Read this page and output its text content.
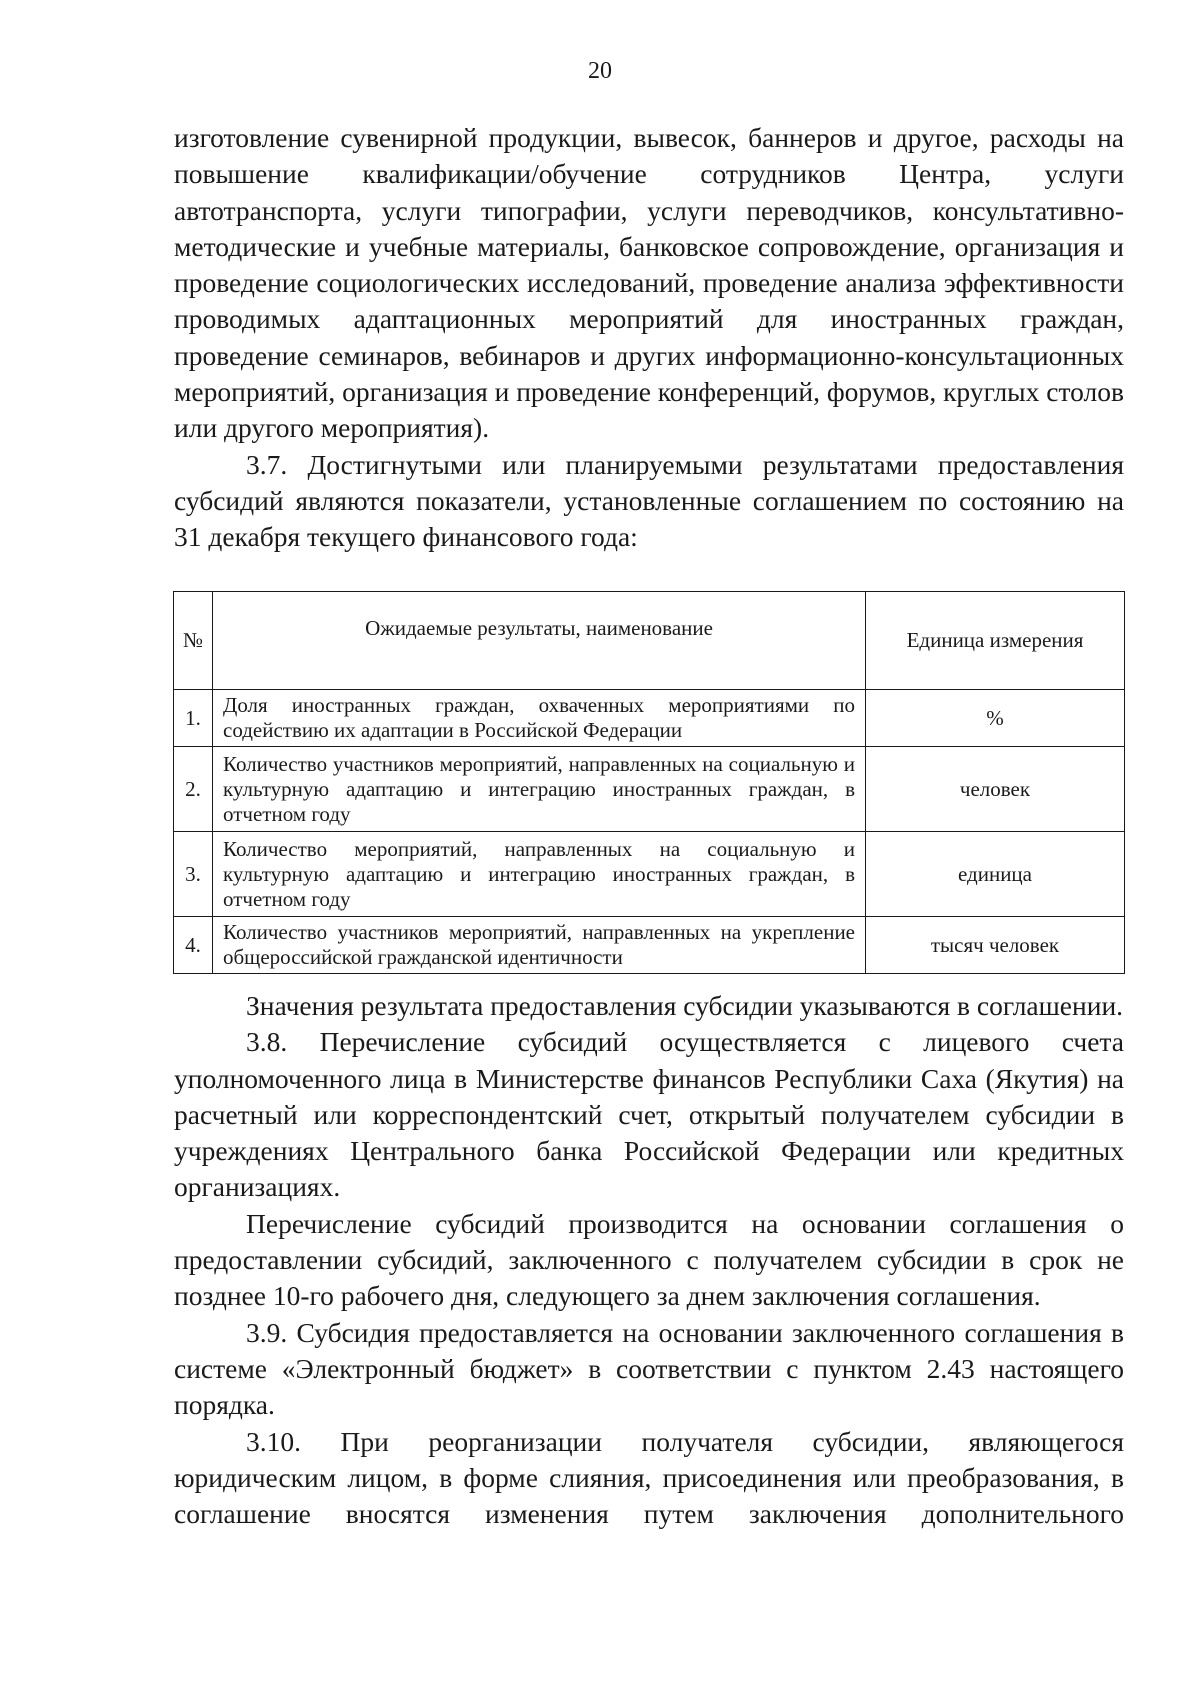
20

изготовление сувенирной продукции, вывесок, баннеров и другое, расходы на повышение квалификации/обучение сотрудников Центра, услуги автотранспорта, услуги типографии, услуги переводчиков, консультативно-методические и учебные материалы, банковское сопровождение, организация и проведение социологических исследований, проведение анализа эффективности проводимых адаптационных мероприятий для иностранных граждан, проведение семинаров, вебинаров и других информационно-консультационных мероприятий, организация и проведение конференций, форумов, круглых столов или другого мероприятия).

3.7. Достигнутыми или планируемыми результатами предоставления субсидий являются показатели, установленные соглашением по состоянию на 31 декабря текущего финансового года:

№	Ожидаемые результаты, наименование	Единица измерения
1.	Доля иностранных граждан, охваченных мероприятиями по содействию их адаптации в Российской Федерации	%
2.	Количество участников мероприятий, направленных на социальную и культурную адаптацию и интеграцию иностранных граждан, в отчетном году	человек
3.	Количество мероприятий, направленных на социальную и культурную адаптацию и интеграцию иностранных граждан, в отчетном году	единица
4.	Количество участников мероприятий, направленных на укрепление общероссийской гражданской идентичности	тысяч человек

Значения результата предоставления субсидии указываются в соглашении.

3.8. Перечисление субсидий осуществляется с лицевого счета уполномоченного лица в Министерстве финансов Республики Саха (Якутия) на расчетный или корреспондентский счет, открытый получателем субсидии в учреждениях Центрального банка Российской Федерации или кредитных организациях.

Перечисление субсидий производится на основании соглашения о предоставлении субсидий, заключенного с получателем субсидии в срок не позднее 10-го рабочего дня, следующего за днем заключения соглашения.

3.9. Субсидия предоставляется на основании заключенного соглашения в системе «Электронный бюджет» в соответствии с пунктом 2.43 настоящего порядка.

3.10. При реорганизации получателя субсидии, являющегося юридическим лицом, в форме слияния, присоединения или преобразования, в соглашение вносятся изменения путем заключения дополнительного
